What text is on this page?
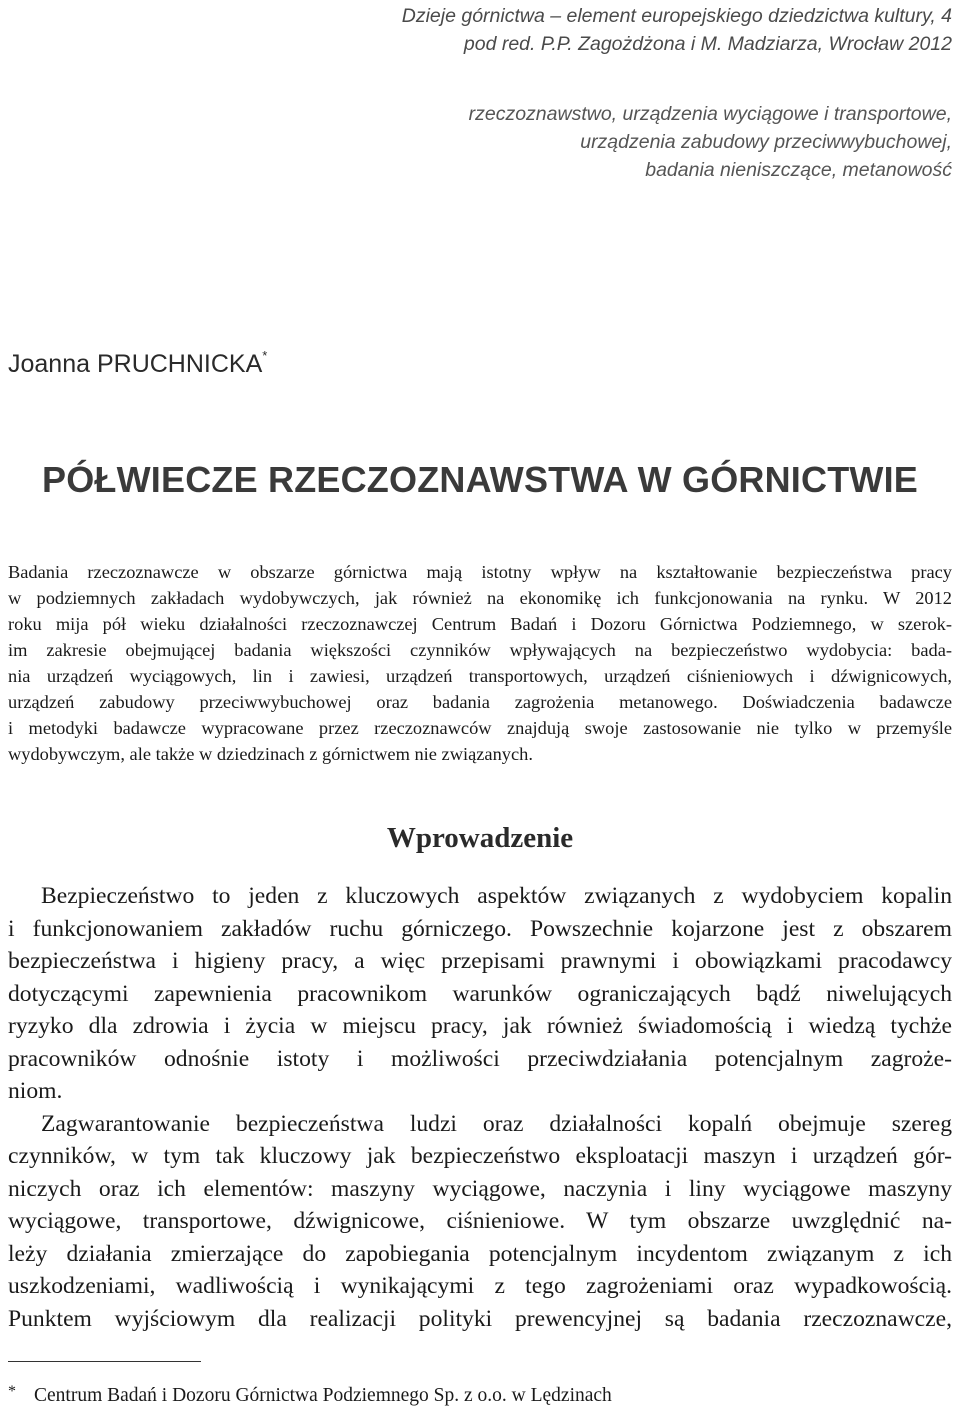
Dzieje górnictwa – element europejskiego dziedzictwa kultury, 4
pod red. P.P. Zagożdżona i M. Madziarza, Wrocław 2012
rzeczoznawstwo, urządzenia wyciągowe i transportowe,
urządzenia zabudowy przeciwwybuchowej,
badania nieniszczące, metanowość
Joanna PRUCHNICKA*
PÓŁWIECZE RZECZOZNAWSTWA W GÓRNICTWIE
Badania rzeczoznawcze w obszarze górnictwa mają istotny wpływ na kształtowanie bezpieczeństwa pracy
w podziemnych zakładach wydobywczych, jak również na ekonomikę ich funkcjonowania na rynku. W 2012
roku mija pół wieku działalności rzeczoznawczej Centrum Badań i Dozoru Górnictwa Podziemnego, w szerok-
im zakresie obejmującej badania większości czynników wpływających na bezpieczeństwo wydobycia: bada-
nia urządzeń wyciągowych, lin i zawiesi, urządzeń transportowych, urządzeń ciśnieniowych i dźwignicowych,
urządzeń zabudowy przeciwwybuchowej oraz badania zagrożenia metanowego. Doświadczenia badawcze
i metodyki badawcze wypracowane przez rzeczoznawców znajdują swoje zastosowanie nie tylko w przemyśle
wydobywczym, ale także w dziedzinach z górnictwem nie związanych.
Wprowadzenie
Bezpieczeństwo to jeden z kluczowych aspektów związanych z wydobyciem kopalin
i funkcjonowaniem zakładów ruchu górniczego. Powszechnie kojarzone jest z obszarem
bezpieczeństwa i higieny pracy, a więc przepisami prawnymi i obowiązkami pracodawcy
dotyczącymi zapewnienia pracownikom warunków ograniczających bądź niwelujących
ryzyko dla zdrowia i życia w miejscu pracy, jak również świadomością i wiedzą tychże
pracowników odnośnie istoty i możliwości przeciwdziałania potencjalnym zagroże-
niom.
Zagwarantowanie bezpieczeństwa ludzi oraz działalności kopalń obejmuje szereg
czynników, w tym tak kluczowy jak bezpieczeństwo eksploatacji maszyn i urządzeń gór-
niczych oraz ich elementów: maszyny wyciągowe, naczynia i liny wyciągowe maszyny
wyciągowe, transportowe, dźwignicowe, ciśnieniowe. W tym obszarze uwzględnić na-
leży działania zmierzające do zapobiegania potencjalnym incydentom związanym z ich
uszkodzeniami, wadliwością i wynikającymi z tego zagrożeniami oraz wypadkowością.
Punktem wyjściowym dla realizacji polityki prewencyjnej są badania rzeczoznawcze,
* Centrum Badań i Dozoru Górnictwa Podziemnego Sp. z o.o. w Lędzinach
